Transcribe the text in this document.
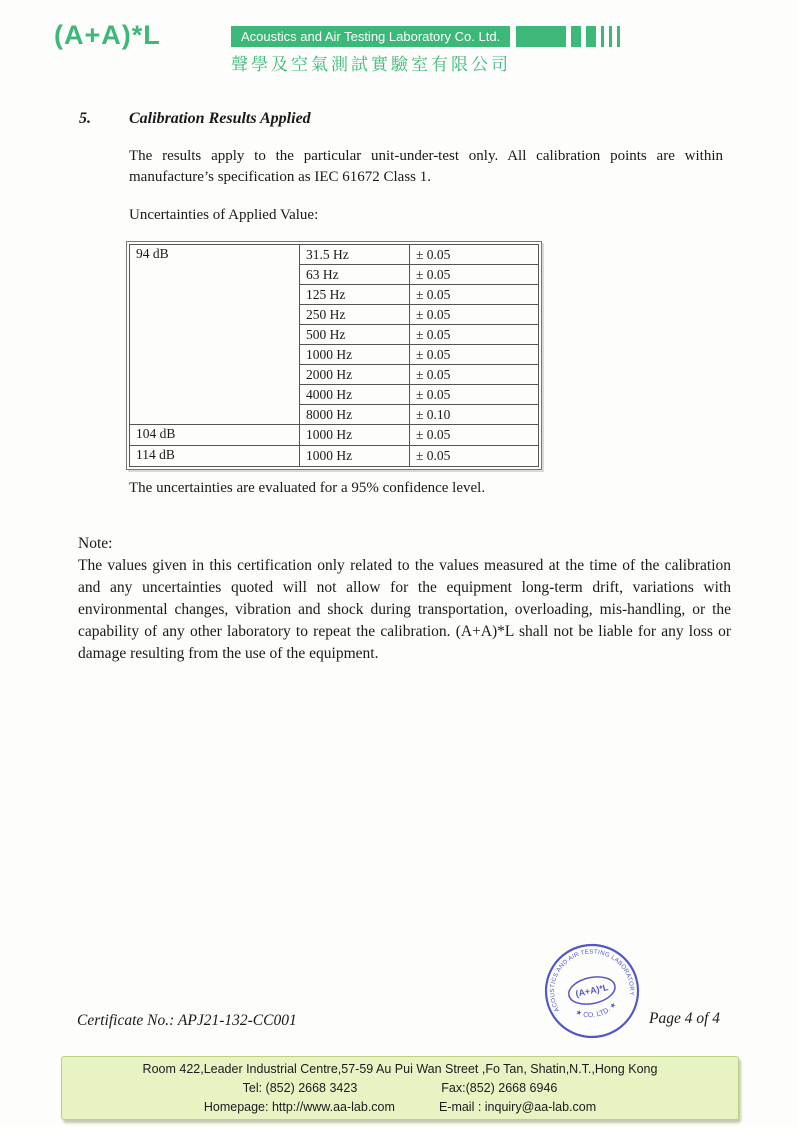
(A+A)*L	Acoustics and Air Testing Laboratory Co. Ltd.
聲學及空氣測試實驗室有限公司
5. Calibration Results Applied

The results apply to the particular unit-under-test only. All calibration points are within manufacture’s specification as IEC 61672 Class 1.

Uncertainties of Applied Value:
94 dB	31.5 Hz	± 0.05
	63 Hz	± 0.05
	125 Hz	± 0.05
	250 Hz	± 0.05
	500 Hz	± 0.05
	1000 Hz	± 0.05
	2000 Hz	± 0.05
	4000 Hz	± 0.05
	8000 Hz	± 0.10
104 dB	1000 Hz	± 0.05
114 dB	1000 Hz	± 0.05
The uncertainties are evaluated for a 95% confidence level.
Note:

The values given in this certification only related to the values measured at the time of the calibration and any uncertainties quoted will not allow for the equipment long-term drift, variations with environmental changes, vibration and shock during transportation, overloading, mis-handling, or the capability of any other laboratory to repeat the calibration. (A+A)*L shall not be liable for any loss or damage resulting from the use of the equipment.

Certificate No.: APJ21-132-CC001
ACOUSTICS AND AIR TESTING LABORATORY
★ CO. LTD. ★
(A+A)*L
Page 4 of 4
Room 422,Leader Industrial Centre,57-59 Au Pui Wan Street ,Fo Tan, Shatin,N.T.,Hong Kong
Tel: (852) 2668 3423	Fax:(852) 2668 6946
Homepage: http://www.aa-lab.com	E-mail : inquiry@aa-lab.com
